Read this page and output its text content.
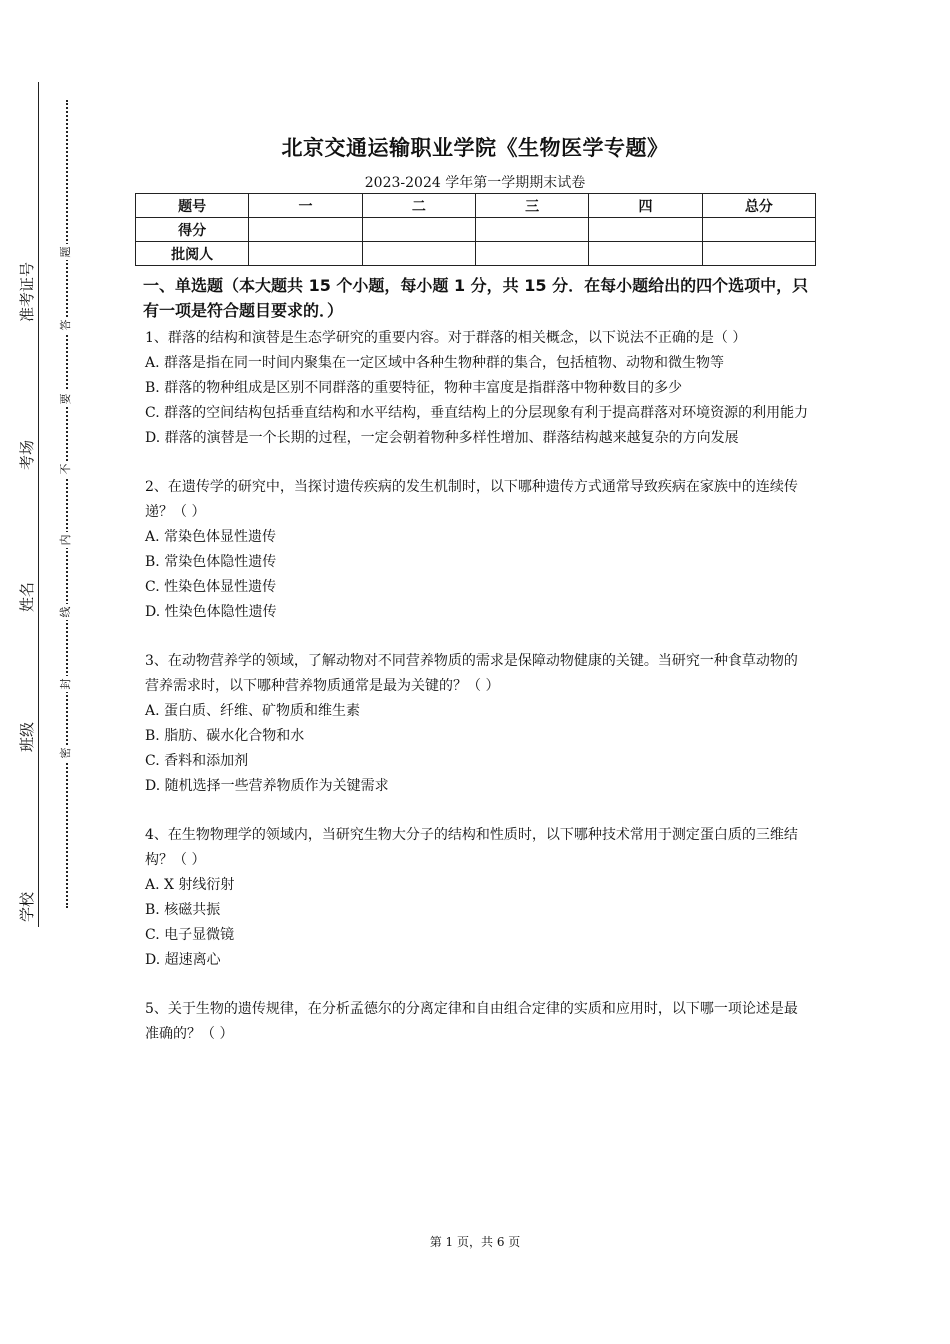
准考证号
考场
姓名
班级
学校
题
答
要
不
内
线
封
密
北京交通运输职业学院《生物医学专题》
2023-2024 学年第一学期期末试卷
题号	一	二	三	四	总分
得分					
批阅人					

一、单选题（本大题共 15 个小题，每小题 1 分，共 15 分．在每小题给出的四个选项中，只有一项是符合题目要求的．）

1、群落的结构和演替是生态学研究的重要内容。对于群落的相关概念，以下说法不正确的是（ ）

A. 群落是指在同一时间内聚集在一定区域中各种生物种群的集合，包括植物、动物和微生物等

B. 群落的物种组成是区别不同群落的重要特征，物种丰富度是指群落中物种数目的多少

C. 群落的空间结构包括垂直结构和水平结构，垂直结构上的分层现象有利于提高群落对环境资源的利用能力

D. 群落的演替是一个长期的过程，一定会朝着物种多样性增加、群落结构越来越复杂的方向发展

2、在遗传学的研究中，当探讨遗传疾病的发生机制时，以下哪种遗传方式通常导致疾病在家族中的连续传递？（ ）

A. 常染色体显性遗传

B. 常染色体隐性遗传

C. 性染色体显性遗传

D. 性染色体隐性遗传

3、在动物营养学的领域，了解动物对不同营养物质的需求是保障动物健康的关键。当研究一种食草动物的营养需求时，以下哪种营养物质通常是最为关键的？（ ）

A. 蛋白质、纤维、矿物质和维生素

B. 脂肪、碳水化合物和水

C. 香料和添加剂

D. 随机选择一些营养物质作为关键需求

4、在生物物理学的领域内，当研究生物大分子的结构和性质时，以下哪种技术常用于测定蛋白质的三维结构？（ ）

A. X 射线衍射

B. 核磁共振

C. 电子显微镜

D. 超速离心

5、关于生物的遗传规律，在分析孟德尔的分离定律和自由组合定律的实质和应用时，以下哪一项论述是最准确的？（ ）

第 1 页，共 6 页
